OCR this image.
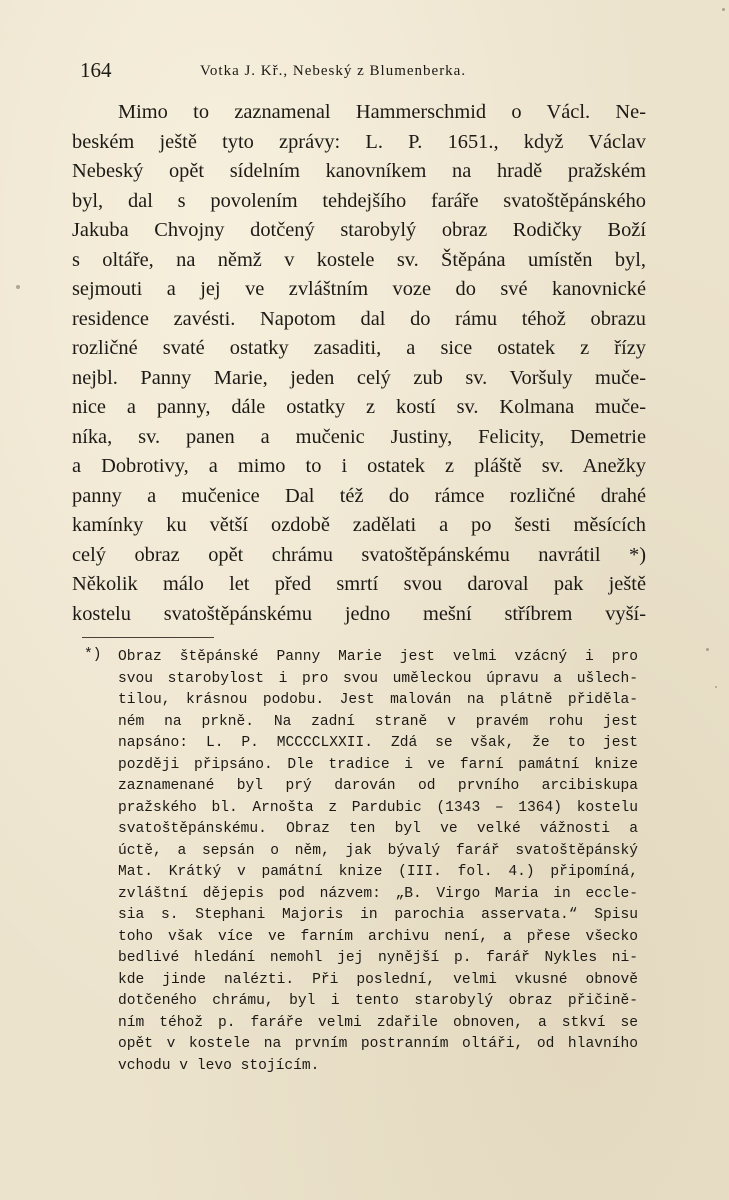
164	Votka J. Kř., Nebeský z Blumenberka.
Mimo to zaznamenal Hammerschmid o Václ. Ne-
beském ještě tyto zprávy: L. P. 1651., když Václav
Nebeský opět sídelním kanovníkem na hradě pražském
byl, dal s povolením tehdejšího faráře svatoštěpánského
Jakuba Chvojny dotčený starobylý obraz Rodičky Boží
s oltáře, na němž v kostele sv. Štěpána umístěn byl,
sejmouti a jej ve zvláštním voze do své kanovnické
residence zavésti. Napotom dal do rámu téhož obrazu
rozličné svaté ostatky zasaditi, a sice ostatek z řízy
nejbl. Panny Marie, jeden celý zub sv. Voršuly muče-
nice a panny, dále ostatky z kostí sv. Kolmana muče-
níka, sv. panen a mučenic Justiny, Felicity, Demetrie
a Dobrotivy, a mimo to i ostatek z pláště sv. Anežky
panny a mučenice Dal též do rámce rozličné drahé
kamínky ku větší ozdobě zadělati a po šesti měsících
celý obraz opět chrámu svatoštěpánskému navrátil *)
Několik málo let před smrtí svou daroval pak ještě
kostelu svatoštěpánskému jedno mešní stříbrem vyší-
*)	Obraz štěpánské Panny Marie jest velmi vzácný i pro
svou starobylost i pro svou uměleckou úpravu a ušlech-
tilou, krásnou podobu. Jest malován na plátně přiděla-
ném na prkně. Na zadní straně v pravém rohu jest
napsáno: L. P. MCCCCLXXII. Zdá se však, že to jest
později připsáno. Dle tradice i ve farní památní knize
zaznamenané byl prý darován od prvního arcibiskupa
pražského bl. Arnošta z Pardubic (1343 – 1364) kostelu
svatoštěpánskému. Obraz ten byl ve velké vážnosti a
úctě, a sepsán o něm, jak bývalý farář svatoštěpánský
Mat. Krátký v památní knize (III. fol. 4.) připomíná,
zvláštní dějepis pod názvem: „B. Virgo Maria in eccle-
sia s. Stephani Majoris in parochia asservata.“ Spisu
toho však více ve farním archivu není, a přese všecko
bedlivé hledání nemohl jej nynější p. farář Nykles ni-
kde jinde nalézti. Při poslední, velmi vkusné obnově
dotčeného chrámu, byl i tento starobylý obraz přičině-
ním téhož p. faráře velmi zdařile obnoven, a stkví se
opět v kostele na prvním postranním oltáři, od hlavního
vchodu v levo stojícím.
